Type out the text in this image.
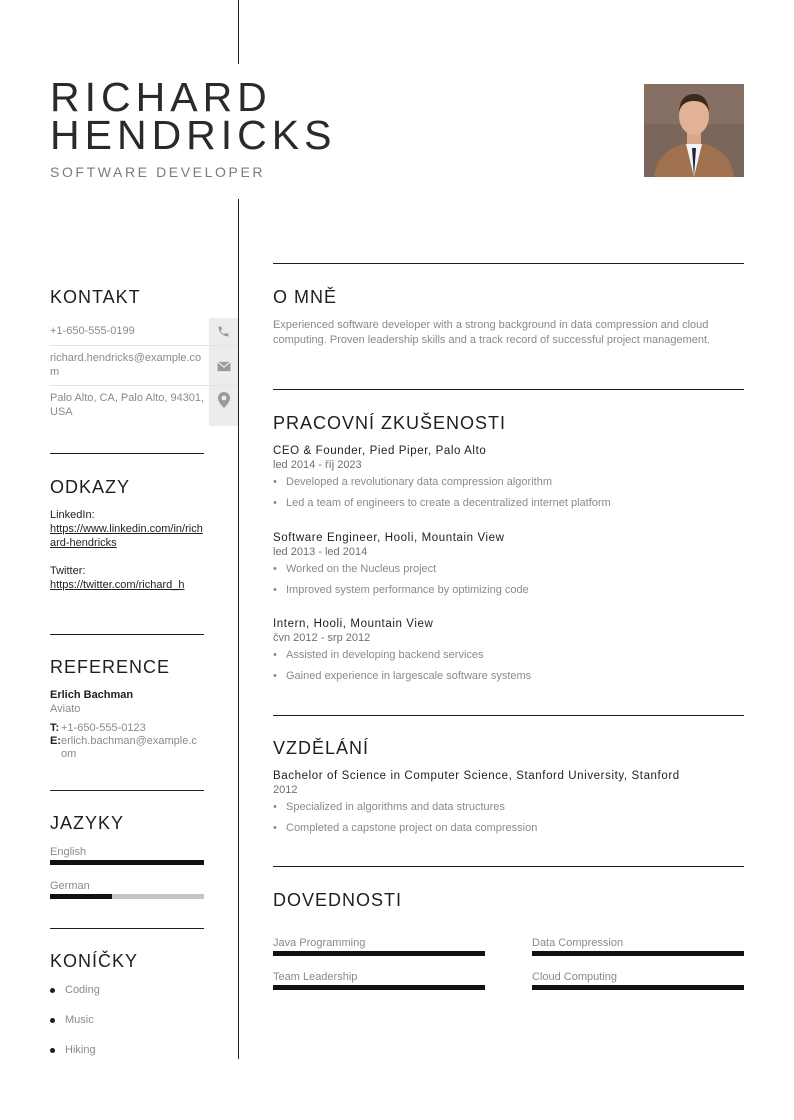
RICHARD
HENDRICKS
SOFTWARE DEVELOPER
KONTAKT
+1-650-555-0199
richard.hendricks@example.com
Palo Alto, CA, Palo Alto, 94301, USA
ODKAZY
LinkedIn:
https://www.linkedin.com/in/richard-hendricks
Twitter:
https://twitter.com/richard_h
REFERENCE
Erlich Bachman
Aviato
T: +1-650-555-0123
E: erlich.bachman@example.com
JAZYKY
English
German
KONÍČKY
Coding
Music
Hiking
O MNĚ
Experienced software developer with a strong background in data compression and cloud computing. Proven leadership skills and a track record of successful project management.
PRACOVNÍ ZKUŠENOSTI
CEO & Founder, Pied Piper, Palo Alto
led 2014 - říj 2023
• Developed a revolutionary data compression algorithm
• Led a team of engineers to create a decentralized internet platform
Software Engineer, Hooli, Mountain View
led 2013 - led 2014
• Worked on the Nucleus project
• Improved system performance by optimizing code
Intern, Hooli, Mountain View
čvn 2012 - srp 2012
• Assisted in developing backend services
• Gained experience in largescale software systems
VZDĚLÁNÍ
Bachelor of Science in Computer Science, Stanford University, Stanford
2012
• Specialized in algorithms and data structures
• Completed a capstone project on data compression
DOVEDNOSTI
Java Programming	Data Compression
Team Leadership	Cloud Computing
